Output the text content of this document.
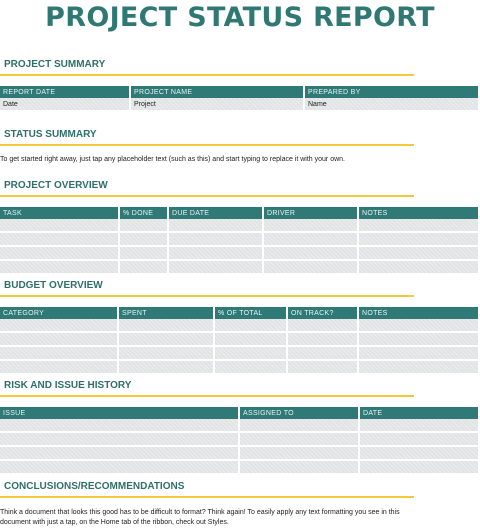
PROJECT STATUS REPORT
PROJECT SUMMARY
REPORT DATE	PROJECT NAME	PREPARED BY
Date	Project	Name
STATUS SUMMARY
To get started right away, just tap any placeholder text (such as this) and start typing to replace it with your own.
PROJECT OVERVIEW
TASK	% DONE	DUE DATE	DRIVER	NOTES

BUDGET OVERVIEW
CATEGORY	SPENT	% OF TOTAL	ON TRACK?	NOTES

RISK AND ISSUE HISTORY
ISSUE	ASSIGNED TO	DATE

CONCLUSIONS/RECOMMENDATIONS
Think a document that looks this good has to be difficult to format? Think again! To easily apply any text formatting you see in this
document with just a tap, on the Home tab of the ribbon, check out Styles.
